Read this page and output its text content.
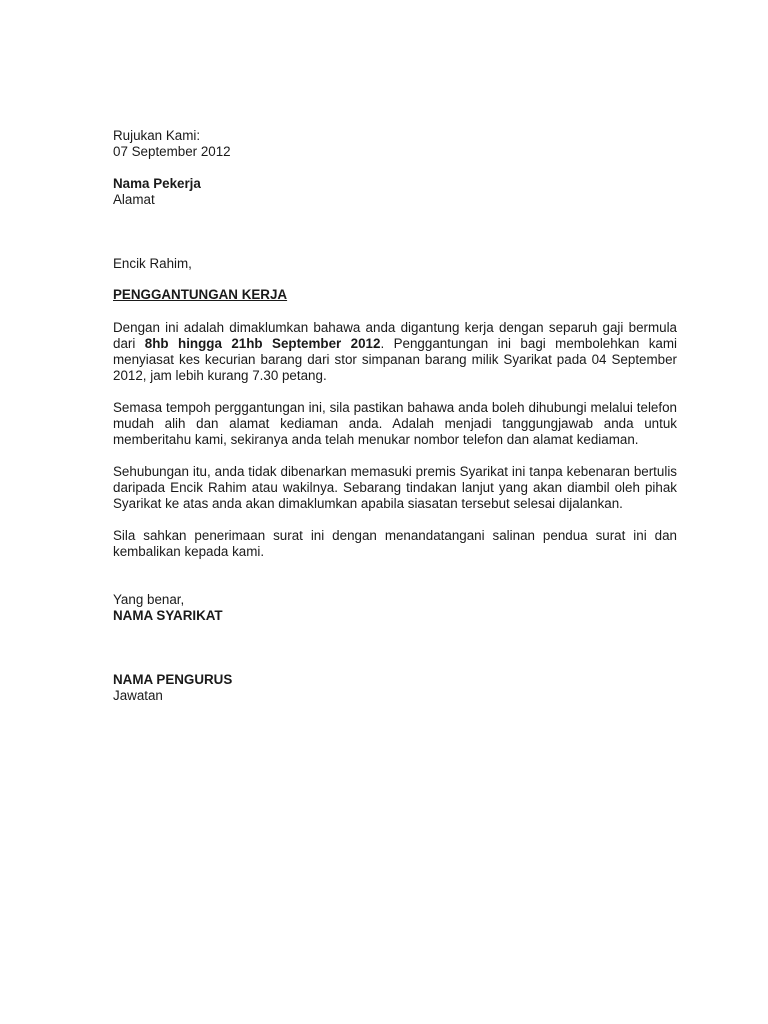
Rujukan Kami:
07 September 2012
Nama Pekerja
Alamat
Encik Rahim,
PENGGANTUNGAN KERJA

Dengan ini adalah dimaklumkan bahawa anda digantung kerja dengan separuh gaji bermula dari 8hb hingga 21hb September 2012. Penggantungan ini bagi membolehkan kami menyiasat kes kecurian barang dari stor simpanan barang milik Syarikat pada 04 September 2012, jam lebih kurang 7.30 petang.

Semasa tempoh perggantungan ini, sila pastikan bahawa anda boleh dihubungi melalui telefon mudah alih dan alamat kediaman anda. Adalah menjadi tanggungjawab anda untuk memberitahu kami, sekiranya anda telah menukar nombor telefon dan alamat kediaman.

Sehubungan itu, anda tidak dibenarkan memasuki premis Syarikat ini tanpa kebenaran bertulis daripada Encik Rahim atau wakilnya. Sebarang tindakan lanjut yang akan diambil oleh pihak Syarikat ke atas anda akan dimaklumkan apabila siasatan tersebut selesai dijalankan.

Sila sahkan penerimaan surat ini dengan menandatangani salinan pendua surat ini dan kembalikan kepada kami.

Yang benar,
NAMA SYARIKAT
NAMA PENGURUS
Jawatan
